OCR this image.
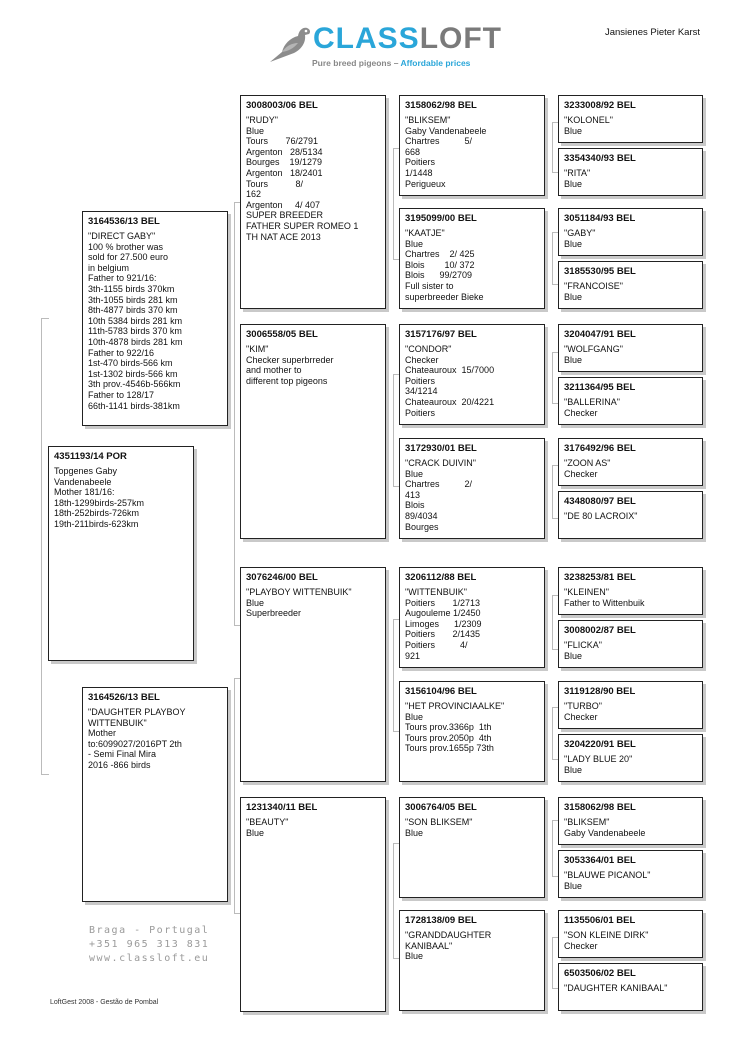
CLASSLOFT
Pure breed pigeons – Affordable prices
Jansienes Pieter Karst
4351193/14 POR
Topgenes Gaby
Vandenabeele
Mother 181/16:
18th-1299birds-257km
18th-252birds-726km
19th-211birds-623km
3164536/13 BEL
"DIRECT GABY"
100 % brother was
sold for 27.500 euro
in belgium
Father to 921/16:
3th-1155 birds 370km
3th-1055 birds 281 km
8th-4877 birds 370 km
10th 5384 birds 281 km
11th-5783 birds 370 km
10th-4878 birds 281 km
Father to 922/16
1st-470 birds-566 km
1st-1302 birds-566 km
3th prov.-4546b-566km
Father to 128/17
66th-1141 birds-381km
3164526/13 BEL
"DAUGHTER PLAYBOY
WITTENBUIK"
Mother
to:6099027/2016PT 2th
- Semi Final Mira
2016 -866 birds
3008003/06 BEL
"RUDY"
Blue
Tours       76/2791
Argenton   28/5134
Bourges    19/1279
Argenton   18/2401
Tours           8/
162
Argenton     4/ 407
SUPER BREEDER
FATHER SUPER ROMEO 1
TH NAT ACE 2013
3006558/05 BEL
"KIM"
Checker superbrreder
and mother to
different top pigeons
3076246/00 BEL
"PLAYBOY WITTENBUIK"
Blue
Superbreeder
1231340/11 BEL
"BEAUTY"
Blue
3158062/98 BEL
"BLIKSEM"
Gaby Vandenabeele
Chartres          5/
668
Poitiers
1/1448
Perigueux
3195099/00 BEL
"KAATJE"
Blue
Chartres    2/ 425
Blois        10/ 372
Blois      99/2709
Full sister to
superbreeder Bieke
3157176/97 BEL
"CONDOR"
Checker
Chateauroux  15/7000
Poitiers
34/1214
Chateauroux  20/4221
Poitiers
3172930/01 BEL
"CRACK DUIVIN"
Blue
Chartres          2/
413
Blois
89/4034
Bourges
3206112/88 BEL
"WITTENBUIK"
Poitiers       1/2713
Augouleme 1/2450
Limoges      1/2309
Poitiers       2/1435
Poitiers          4/
921
3156104/96 BEL
"HET PROVINCIAALKE"
Blue
Tours prov.3366p  1th
Tours prov.2050p  4th
Tours prov.1655p 73th
3006764/05 BEL
"SON BLIKSEM"
Blue
1728138/09 BEL
"GRANDDAUGHTER
KANIBAAL"
Blue
3233008/92 BEL
"KOLONEL"
Blue
3354340/93 BEL
"RITA"
Blue
3051184/93 BEL
"GABY"
Blue
3185530/95 BEL
"FRANCOISE"
Blue
3204047/91 BEL
"WOLFGANG"
Blue
3211364/95 BEL
"BALLERINA"
Checker
3176492/96 BEL
"ZOON AS"
Checker
4348080/97 BEL
"DE 80 LACROIX"
3238253/81 BEL
"KLEINEN"
Father to Wittenbuik
3008002/87 BEL
"FLICKA"
Blue
3119128/90 BEL
"TURBO"
Checker
3204220/91 BEL
"LADY BLUE 20"
Blue
3158062/98 BEL
"BLIKSEM"
Gaby Vandenabeele
3053364/01 BEL
"BLAUWE PICANOL"
Blue
1135506/01 BEL
"SON KLEINE DIRK"
Checker
6503506/02 BEL
"DAUGHTER KANIBAAL"
Braga - Portugal
+351 965 313 831
www.classloft.eu
LoftGest 2008 - Gestão de Pombal
